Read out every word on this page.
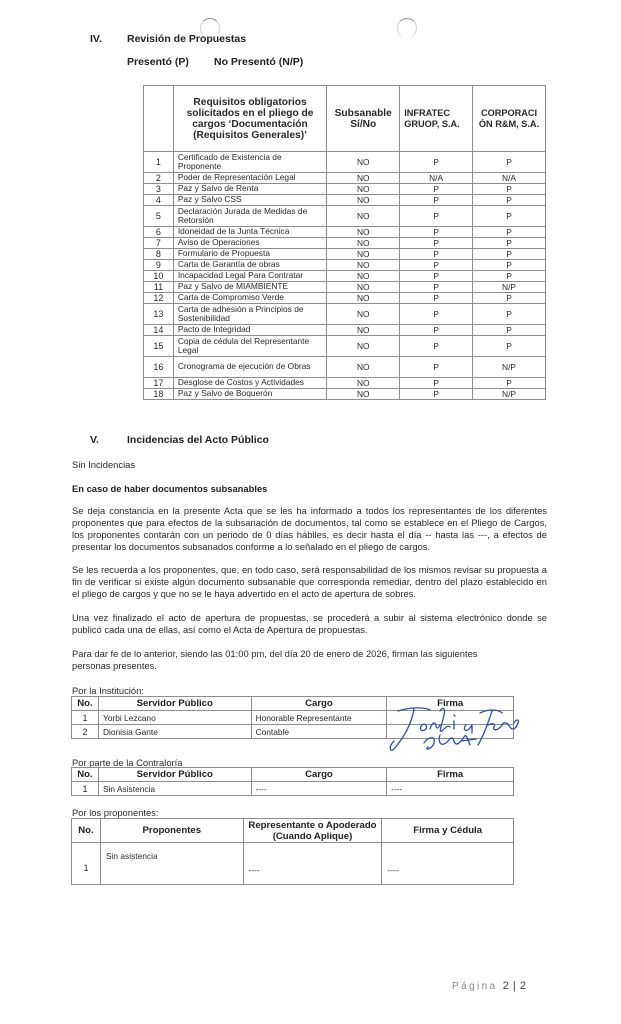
IV. Revisión de Propuestas
Presentó (P) No Presentó (N/P)
	Requisitos obligatorios solicitados en el pliego de cargos ‘Documentación (Requisitos Generales)’	Subsanable Sí/No	INFRATEC GRUOP, S.A.	CORPORACI ÓN R&M, S.A.
1	Certificado de Existencia de Proponente	NO	P	P
2	Poder de Representación Legal	NO	N/A	N/A
3	Paz y Salvo de Renta	NO	P	P
4	Paz y Salvo CSS	NO	P	P
5	Declaración Jurada de Medidas de Retorsión	NO	P	P
6	Idoneidad de la Junta Técnica	NO	P	P
7	Aviso de Operaciones	NO	P	P
8	Formulario de Propuesta	NO	P	P
9	Carta de Garantía de obras	NO	P	P
10	Incapacidad Legal Para Contratar	NO	P	P
11	Paz y Salvo de MIAMBIENTE	NO	P	N/P
12	Carta de Compromiso Verde	NO	P	P
13	Carta de adhesión a Principios de Sostenibilidad	NO	P	P
14	Pacto de Integridad	NO	P	P
15	Copia de cédula del Representante Legal	NO	P	P
16	Cronograma de ejecución de Obras	NO	P	N/P
17	Desglose de Costos y Actividades	NO	P	P
18	Paz y Salvo de Boquerón	NO	P	N/P
V.	Incidencias del Acto Público
Sin Incidencias
En caso de haber documentos subsanables
Se deja constancia en la presente Acta que se les ha informado a todos los representantes de los diferentes proponentes que para efectos de la subsanación de documentos, tal como se establece en el Pliego de Cargos, los proponentes contarán con un periodo de 0 días hábiles, es decir hasta el día -- hasta las ---, a efectos de presentar los documentos subsanados conforme a lo señalado en el pliego de cargos.
Se les recuerda a los proponentes, que, en todo caso, será responsabilidad de los mismos revisar su propuesta a fin de verificar si existe algún documento subsanable que corresponda remediar, dentro del plazo establecido en el pliego de cargos y que no se le haya advertido en el acto de apertura de sobres.
Una vez finalizado el acto de apertura de propuestas, se procederá a subir al sistema electrónico donde se publicó cada una de ellas, así como el Acta de Apertura de propuestas.
Para dar fe de lo anterior, siendo las 01:00 pm, del día 20 de enero de 2026, firman las siguientes personas presentes.
Por la Institución:
No.	Servidor Público	Cargo	Firma
1	Yorbi Lezcano	Honorable Representante	
2	Dionisia Gante	Contable	
Por parte de la Contraloría
No.	Servidor Público	Cargo	Firma
1	Sin Asistencia	----	----
Por los proponentes:
No.	Proponentes	Representante o Apoderado (Cuando Aplique)	Firma y Cédula
1	Sin asistencia	----	----
Página 2 | 2
